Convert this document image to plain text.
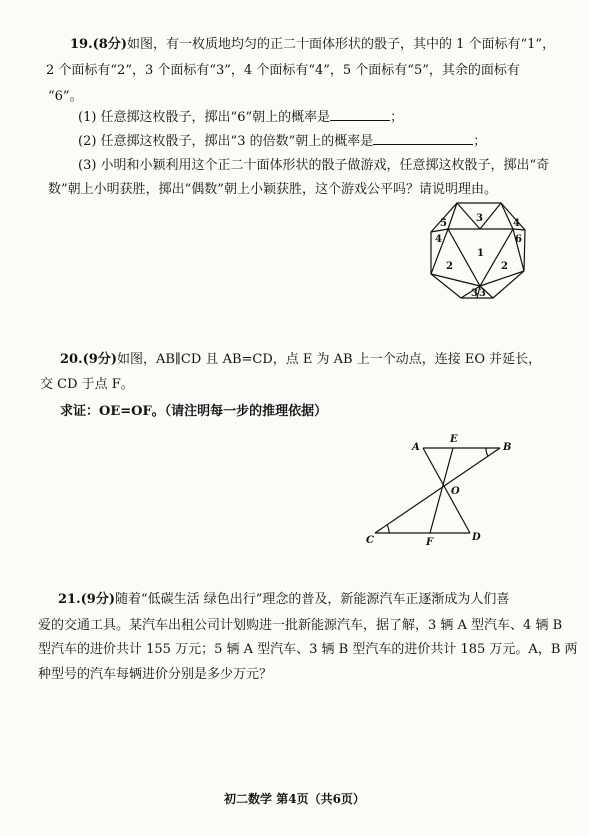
19.(8分)如图，有一枚质地均匀的正二十面体形状的骰子，其中的 1 个面标有“1”，
2 个面标有“2”，3 个面标有“3”，4 个面标有“4”，5 个面标有“5”，其余的面标有
“6”。
(1) 任意掷这枚骰子，掷出“6”朝上的概率是	；
(2) 任意掷这枚骰子，掷出“3 的倍数”朝上的概率是	；
(3) 小明和小颖利用这个正二十面体形状的骰子做游戏，任意掷这枚骰子，掷出“奇
数”朝上小明获胜，掷出“偶数”朝上小颖获胜，这个游戏公平吗？请说明理由。
5	3	4
4
1
6
2	2
3 3
20.(9分)如图，AB∥CD 且 AB=CD，点 E 为 AB 上一个动点，连接 EO 并延长，
交 CD 于点 F。
求证：OE=OF。（请注明每一步的推理依据）
A
E
B
O
C	F	D
21.(9分)随着“低碳生活 绿色出行”理念的普及，新能源汽车正逐渐成为人们喜
爱的交通工具。某汽车出租公司计划购进一批新能源汽车，据了解，3 辆 A 型汽车、4 辆 B
型汽车的进价共计 155 万元；5 辆 A 型汽车、3 辆 B 型汽车的进价共计 185 万元。A，B 两
种型号的汽车每辆进价分别是多少万元？
初二数学 第4页（共6页）
